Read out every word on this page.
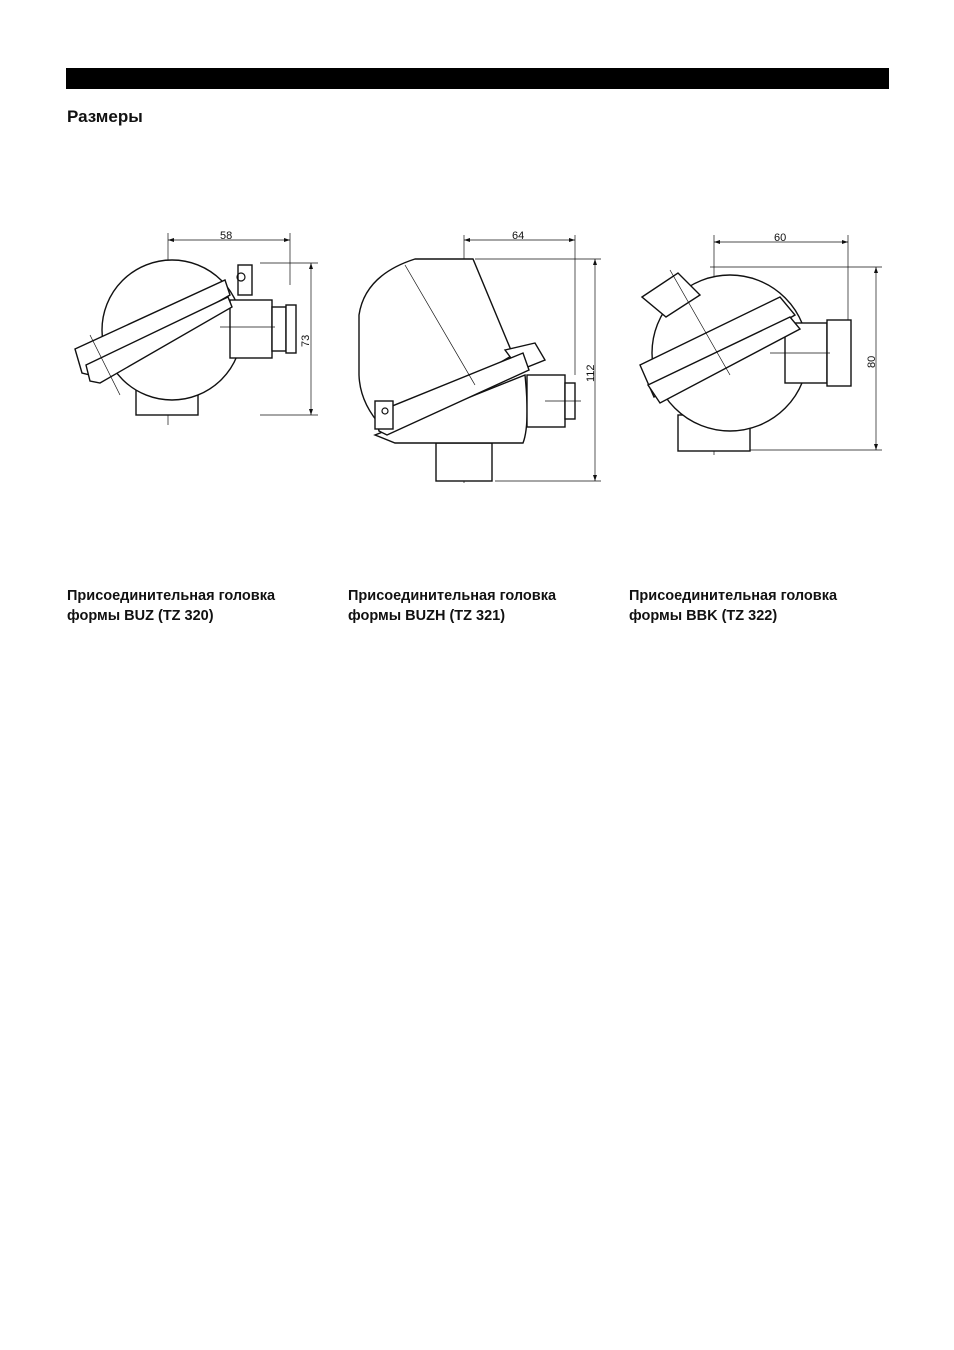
Размеры
58
73
64
112
60
80

Присоединительная головка
формы BUZ (TZ 320)

Присоединительная головка
формы BUZH (TZ 321)

Присоединительная головка
формы BBK (TZ 322)
